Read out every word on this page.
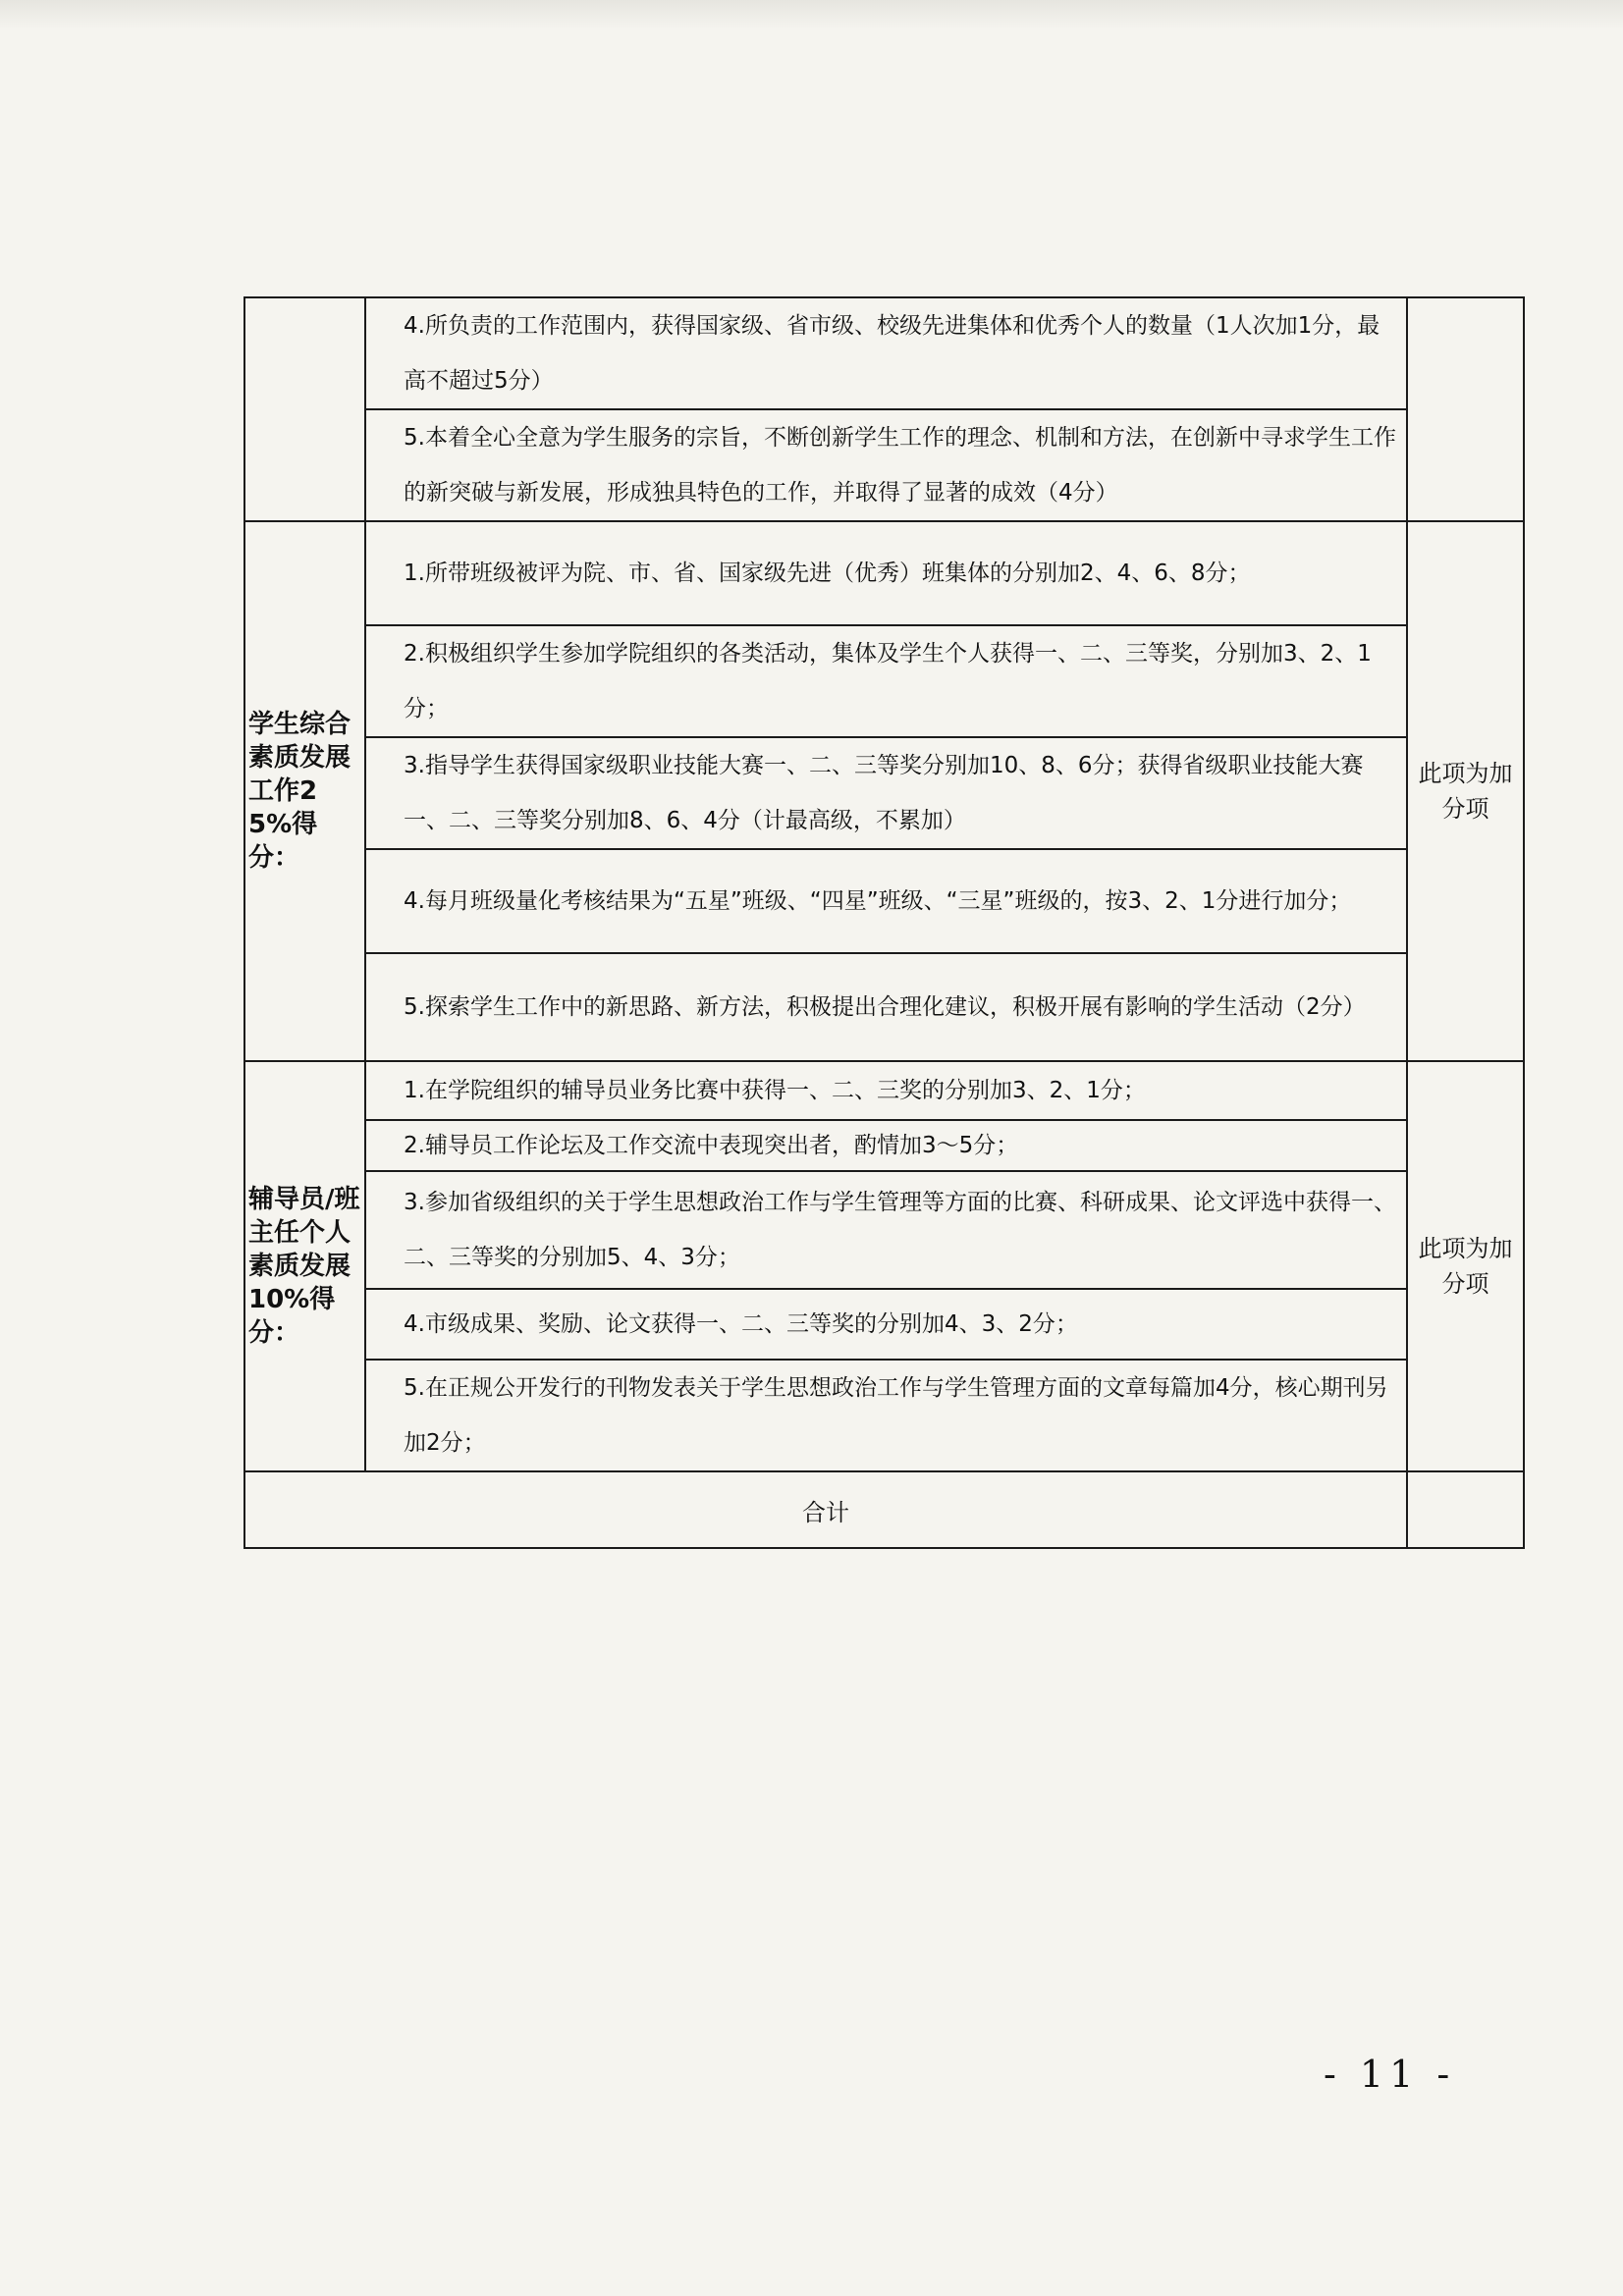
	4.所负责的工作范围内，获得国家级、省市级、校级先进集体和优秀个人的数量（1人次加1分，最高不超过5分）	
	5.本着全心全意为学生服务的宗旨，不断创新学生工作的理念、机制和方法，在创新中寻求学生工作的新突破与新发展，形成独具特色的工作，并取得了显著的成效（4分）	
学生综合素质发展工作25%得分：	1.所带班级被评为院、市、省、国家级先进（优秀）班集体的分别加2、4、6、8分；	此项为加分项
	2.积极组织学生参加学院组织的各类活动，集体及学生个人获得一、二、三等奖，分别加3、2、1分；	
	3.指导学生获得国家级职业技能大赛一、二、三等奖分别加10、8、6分；获得省级职业技能大赛一、二、三等奖分别加8、6、4分（计最高级，不累加）	
	4.每月班级量化考核结果为“五星”班级、“四星”班级、“三星”班级的，按3、2、1分进行加分；	
	5.探索学生工作中的新思路、新方法，积极提出合理化建议，积极开展有影响的学生活动（2分）	
辅导员/班主任个人素质发展10%得分：	1.在学院组织的辅导员业务比赛中获得一、二、三奖的分别加3、2、1分；	此项为加分项
	2.辅导员工作论坛及工作交流中表现突出者，酌情加3～5分；	
	3.参加省级组织的关于学生思想政治工作与学生管理等方面的比赛、科研成果、论文评选中获得一、二、三等奖的分别加5、4、3分；	
	4.市级成果、奖励、论文获得一、二、三等奖的分别加4、3、2分；	
	5.在正规公开发行的刊物发表关于学生思想政治工作与学生管理方面的文章每篇加4分，核心期刊另加2分；	
合计		
- 11 -
